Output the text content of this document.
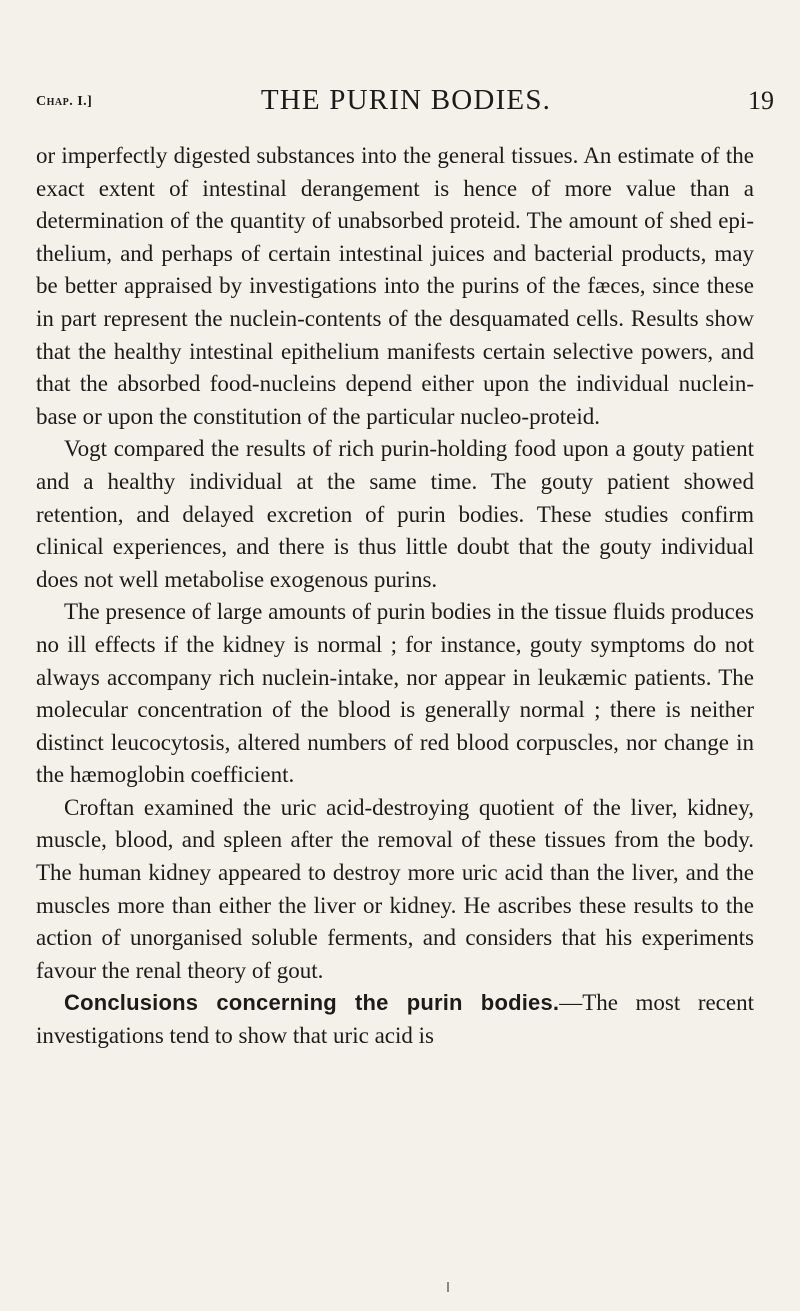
Chap. I.]	THE PURIN BODIES.	19

or imperfectly digested substances into the general tissues. An estimate of the exact extent of intestinal derangement is hence of more value than a determination of the quantity of unabsorbed proteid. The amount of shed epithelium, and perhaps of certain intestinal juices and bacterial products, may be better appraised by investigations into the purins of the fæces, since these in part represent the nuclein-contents of the desquamated cells. Results show that the healthy intestinal epithelium manifests certain selective powers, and that the absorbed food-nucleins depend either upon the individual nuclein-base or upon the constitution of the particular nucleo-proteid.

Vogt compared the results of rich purin-holding food upon a gouty patient and a healthy individual at the same time. The gouty patient showed retention, and delayed excretion of purin bodies. These studies confirm clinical experiences, and there is thus little doubt that the gouty individual does not well metabolise exogenous purins.

The presence of large amounts of purin bodies in the tissue fluids produces no ill effects if the kidney is normal ; for instance, gouty symptoms do not always accompany rich nuclein-intake, nor appear in leukæmic patients. The molecular concentration of the blood is generally normal ; there is neither distinct leucocytosis, altered numbers of red blood corpuscles, nor change in the hæmoglobin coefficient.

Croftan examined the uric acid-destroying quotient of the liver, kidney, muscle, blood, and spleen after the removal of these tissues from the body. The human kidney appeared to destroy more uric acid than the liver, and the muscles more than either the liver or kidney. He ascribes these results to the action of unorganised soluble ferments, and considers that his experiments favour the renal theory of gout.

Conclusions concerning the purin bodies.—The most recent investigations tend to show that uric acid is
